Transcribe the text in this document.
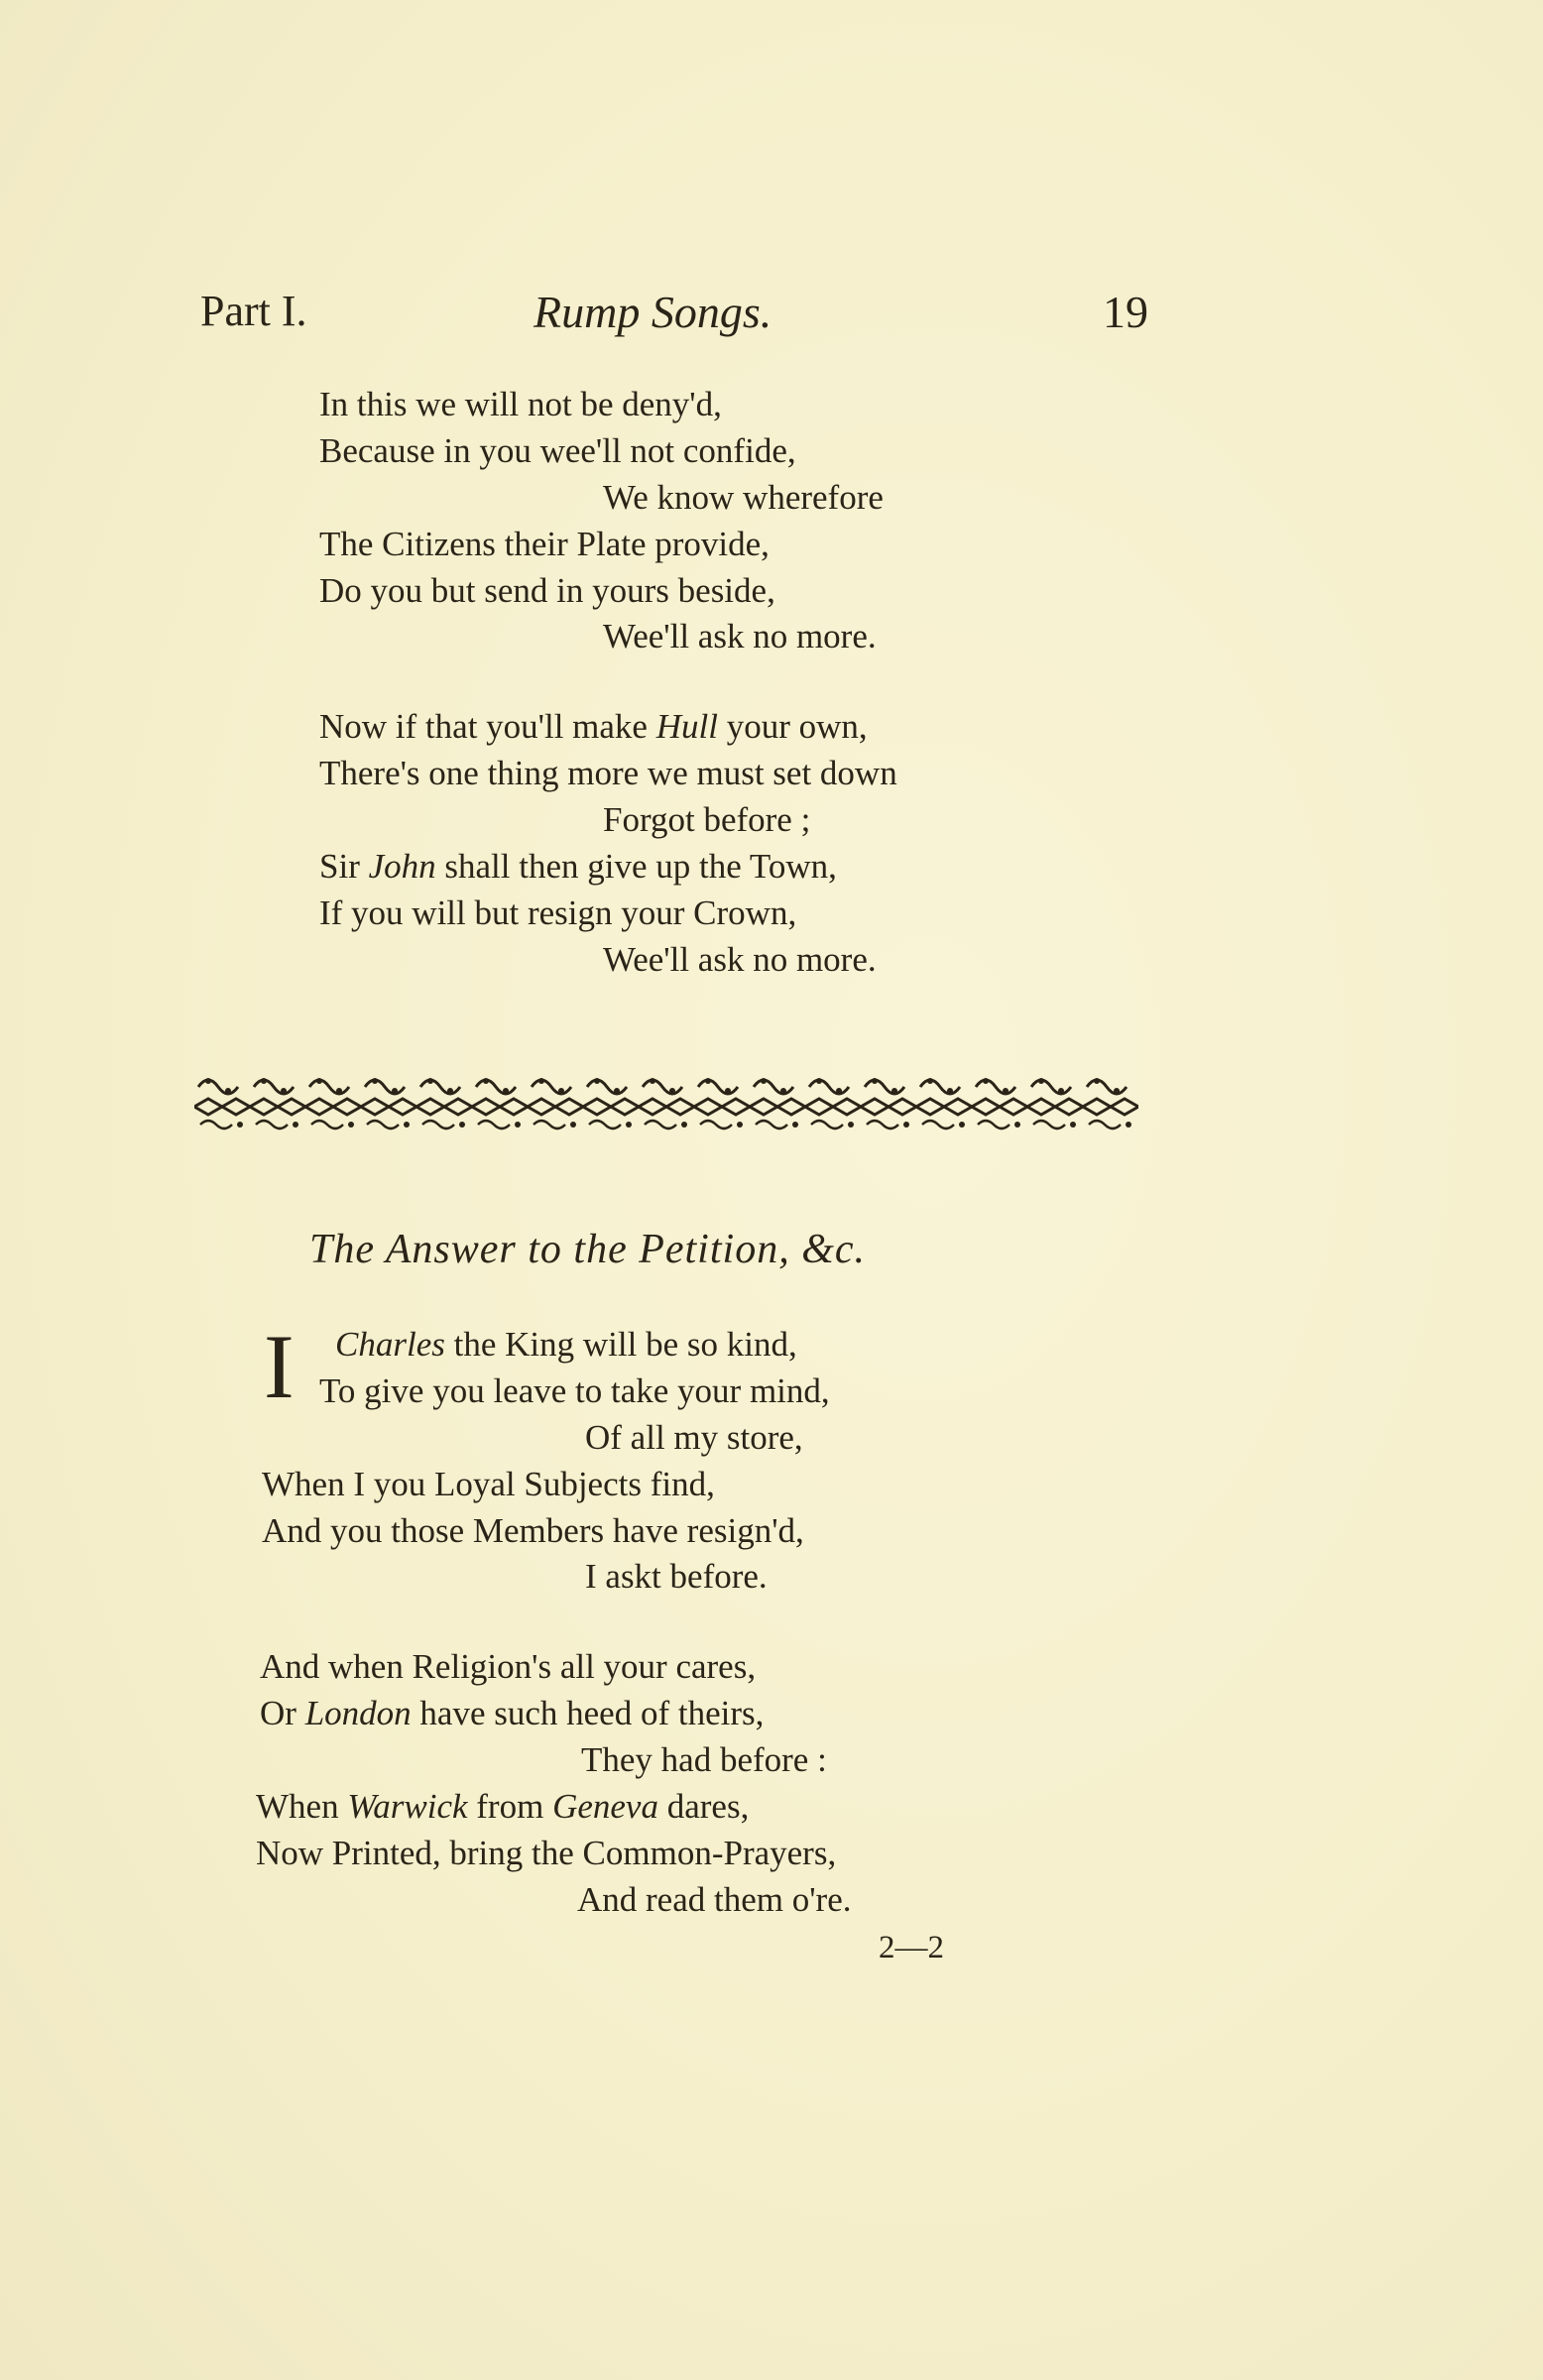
Part I.	Rump Songs.	19
In this we will not be deny'd,
Because in you wee'll not confide,
We know wherefore
The Citizens their Plate provide,
Do you but send in yours beside,
Wee'll ask no more.
Now if that you'll make Hull your own,
There's one thing more we must set down
Forgot before ;
Sir John shall then give up the Town,
If you will but resign your Crown,
Wee'll ask no more.
The Answer to the Petition, &c.
I Charles the King will be so kind,
To give you leave to take your mind,
Of all my store,
When I you Loyal Subjects find,
And you those Members have resign'd,
I askt before.
And when Religion's all your cares,
Or London have such heed of theirs,
They had before :
When Warwick from Geneva dares,
Now Printed, bring the Common-Prayers,
And read them o're.
2—2
